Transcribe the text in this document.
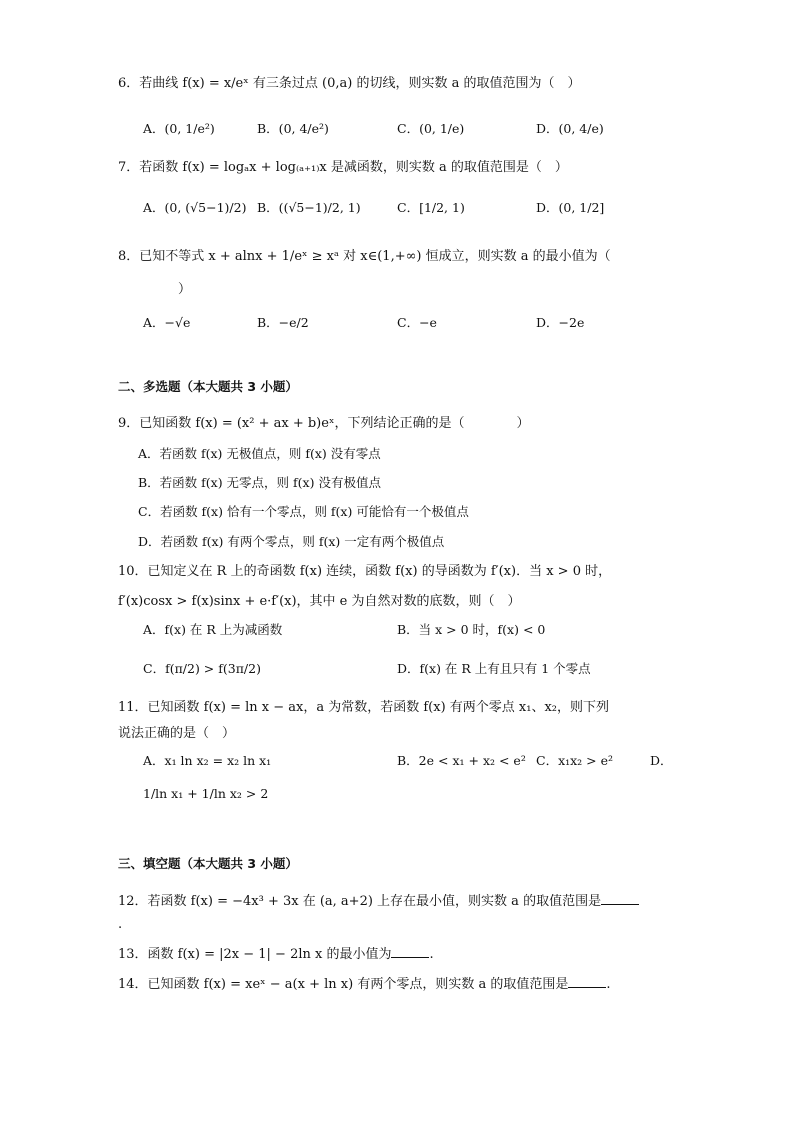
6．若曲线 f(x) = x/eˣ 有三条过点 (0,a) 的切线，则实数 a 的取值范围为（　）
A．(0, 1/e²)	B．(0, 4/e²)	C．(0, 1/e)	D．(0, 4/e)
7．若函数 f(x) = logₐx + log₍ₐ₊₁₎x 是减函数，则实数 a 的取值范围是（　）
A．(0, (√5−1)/2) B．((√5−1)/2, 1)	C．[1/2, 1)	D．(0, 1/2]
8．已知不等式 x + alnx + 1/eˣ ≥ xᵃ 对 x∈(1,+∞) 恒成立，则实数 a 的最小值为（
）
A．−√e	B．−e/2	C．−e	D．−2e
二、多选题（本大题共 3 小题）
9．已知函数 f(x) = (x² + ax + b)eˣ，下列结论正确的是（　　　　）
A．若函数 f(x) 无极值点，则 f(x) 没有零点
B．若函数 f(x) 无零点，则 f(x) 没有极值点
C．若函数 f(x) 恰有一个零点，则 f(x) 可能恰有一个极值点
D．若函数 f(x) 有两个零点，则 f(x) 一定有两个极值点
10．已知定义在 R 上的奇函数 f(x) 连续，函数 f(x) 的导函数为 f′(x)．当 x > 0 时，
f′(x)cosx > f(x)sinx + e·f′(x)，其中 e 为自然对数的底数，则（　）
A．f(x) 在 R 上为减函数	B．当 x > 0 时，f(x) < 0
C．f(π/2) > f(3π/2)	D．f(x) 在 R 上有且只有 1 个零点
11．已知函数 f(x) = ln x − ax，a 为常数，若函数 f(x) 有两个零点 x₁、x₂，则下列
说法正确的是（　）
A．x₁ ln x₂ = x₂ ln x₁	B．2e < x₁ + x₂ < e² C．x₁x₂ > e²	D．
1/ln x₁ + 1/ln x₂ > 2
三、填空题（本大题共 3 小题）
12．若函数 f(x) = −4x³ + 3x 在 (a, a+2) 上存在最小值，则实数 a 的取值范围是
.
13．函数 f(x) = |2x − 1| − 2ln x 的最小值为	.
14．已知函数 f(x) = xeˣ − a(x + ln x) 有两个零点，则实数 a 的取值范围是	.
